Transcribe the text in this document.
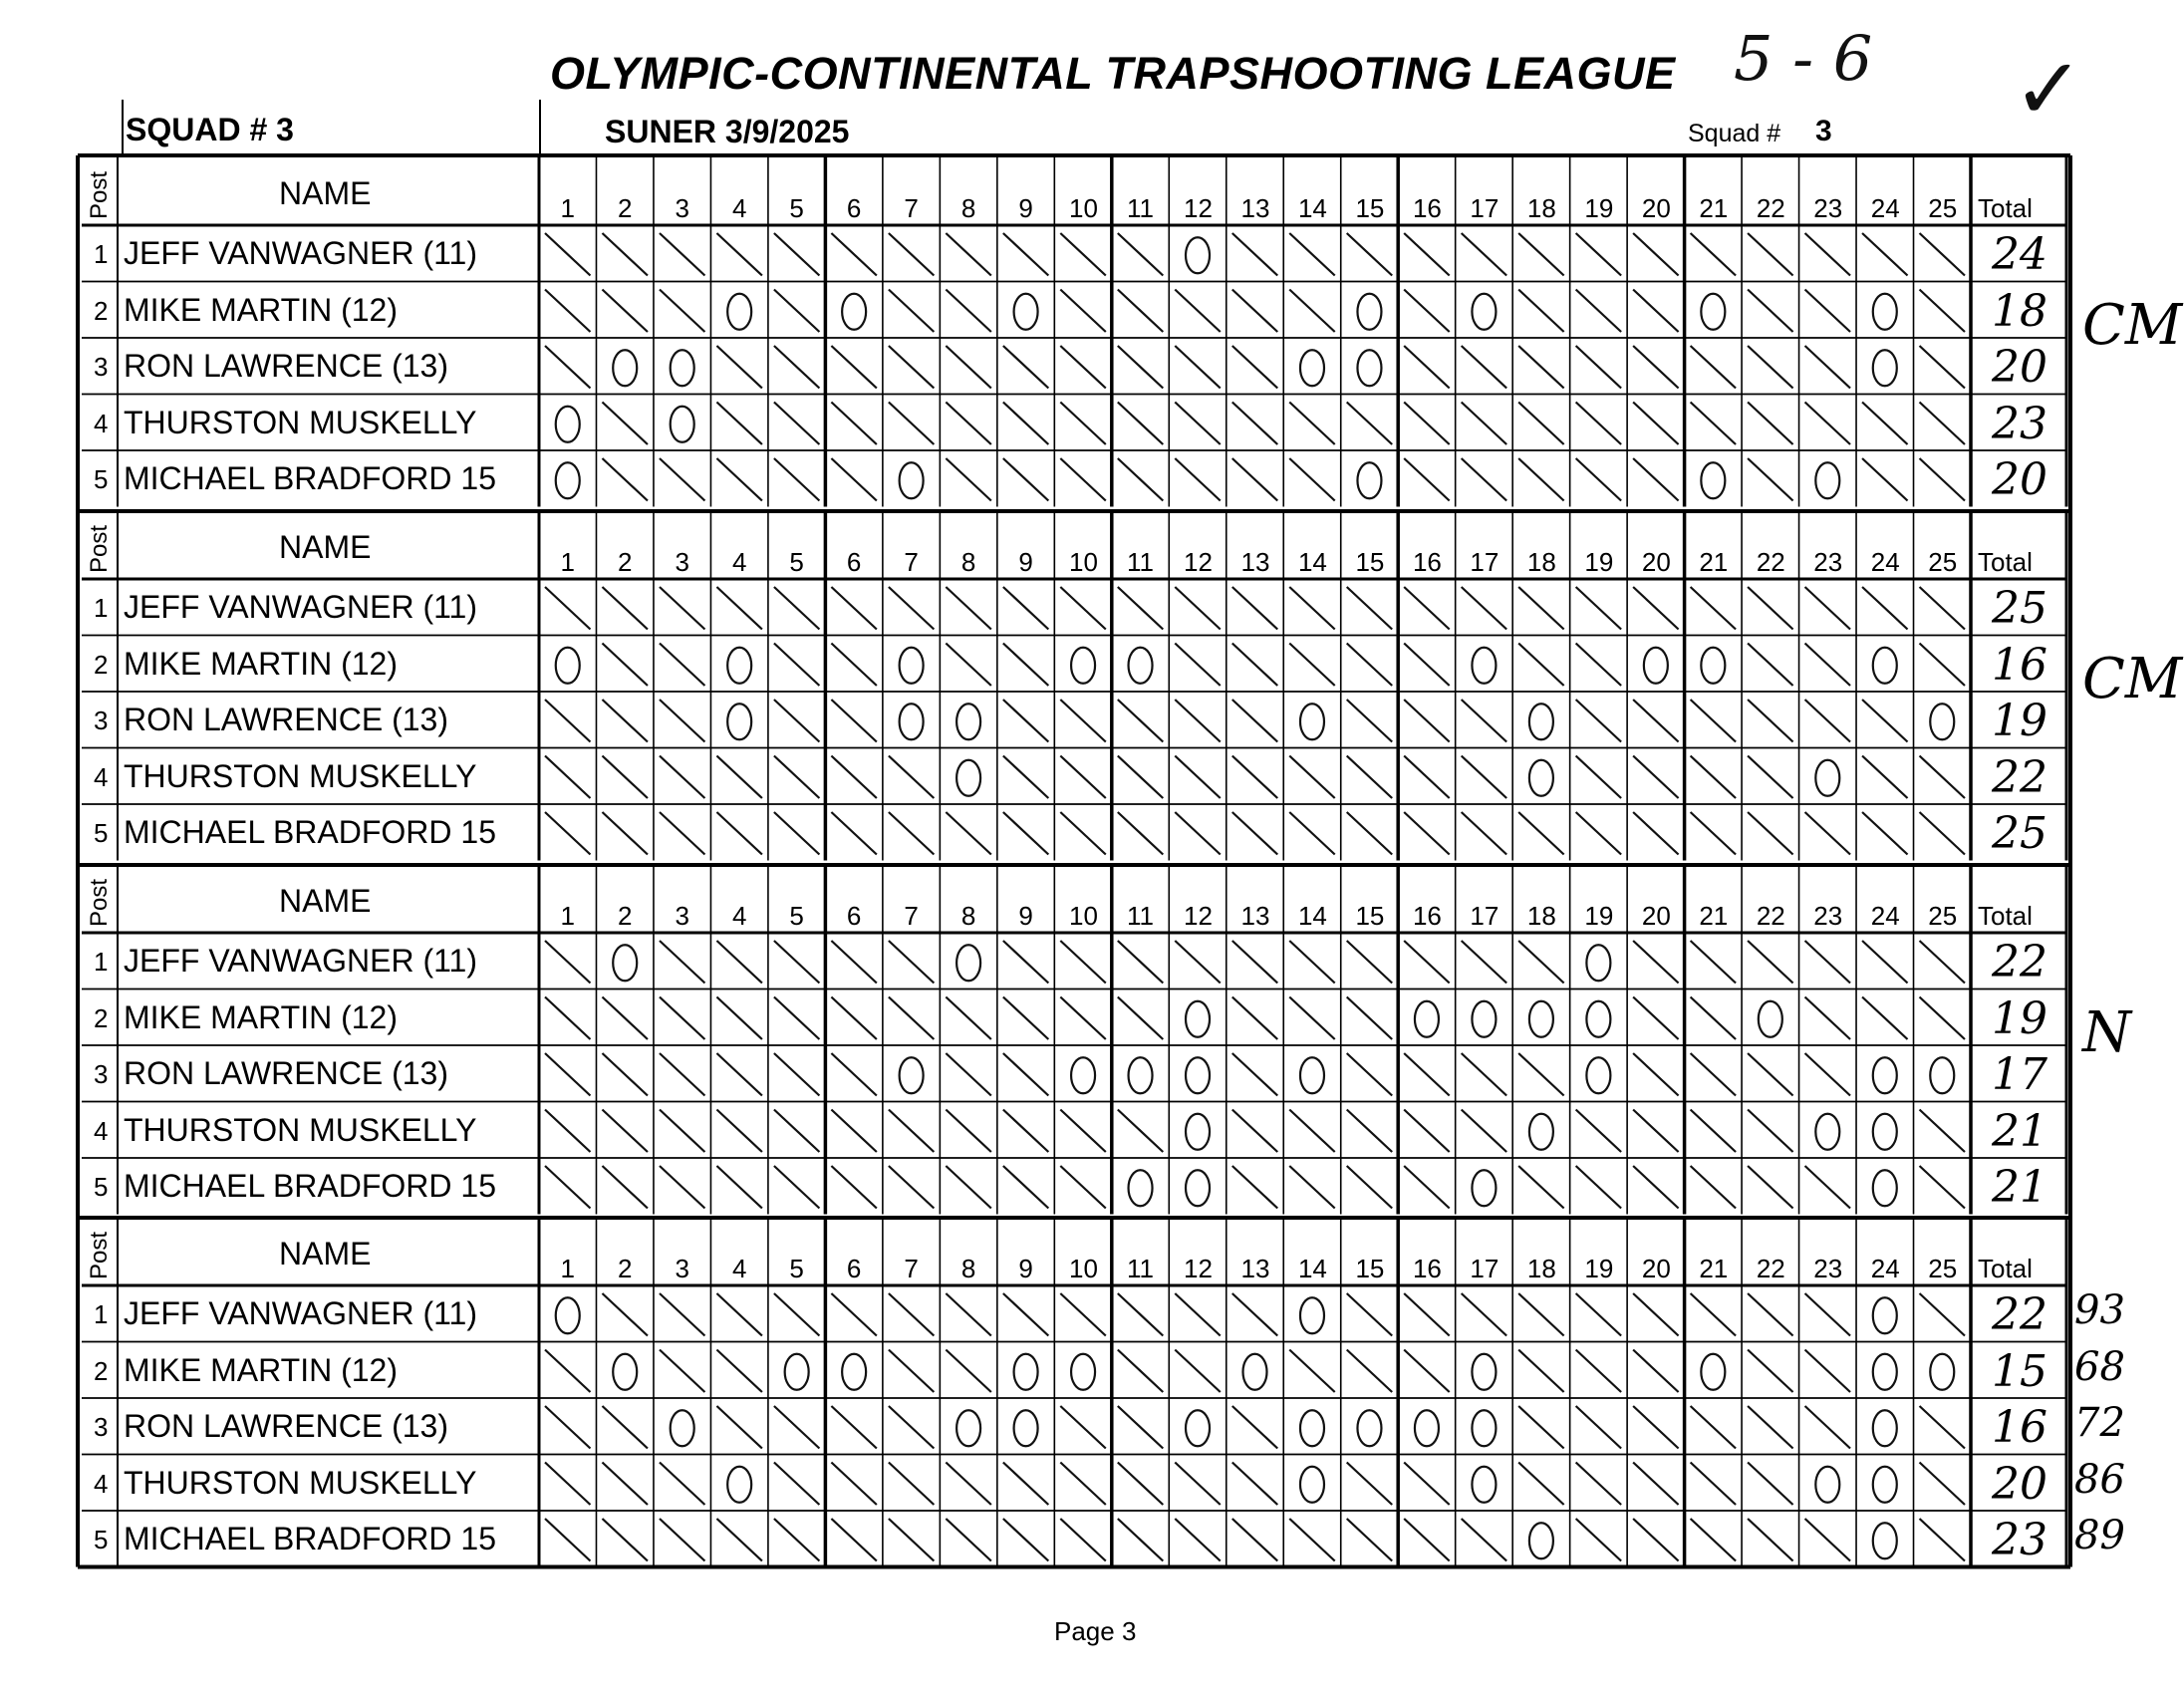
OLYMPIC-CONTINENTAL TRAPSHOOTING LEAGUE
SQUAD # 3	SUNER 3/9/2025	Squad # 3
5 - 6 ✓
Post	NAME	1 2 3 4 5 6 7 8 9 10 11 12 13 14 15 16 17 18 19 20 21 22 23 24 25 Total
1 JEFF VANWAGNER (11)	24
2 MIKE MARTIN (12)	18
3 RON LAWRENCE (13)	20
4 THURSTON MUSKELLY	23
5 MICHAEL BRADFORD 15	20
CM
Post	NAME	1 2 3 4 5 6 7 8 9 10 11 12 13 14 15 16 17 18 19 20 21 22 23 24 25 Total
1 JEFF VANWAGNER (11)	25
2 MIKE MARTIN (12)	16
3 RON LAWRENCE (13)	19
4 THURSTON MUSKELLY	22
5 MICHAEL BRADFORD 15	25
CM
Post	NAME	1 2 3 4 5 6 7 8 9 10 11 12 13 14 15 16 17 18 19 20 21 22 23 24 25 Total
1 JEFF VANWAGNER (11)	22
2 MIKE MARTIN (12)	19
3 RON LAWRENCE (13)	17
4 THURSTON MUSKELLY	21
5 MICHAEL BRADFORD 15	21
N
Post	NAME	1 2 3 4 5 6 7 8 9 10 11 12 13 14 15 16 17 18 19 20 21 22 23 24 25 Total
1 JEFF VANWAGNER (11)	22 93
2 MIKE MARTIN (12)	15 68
3 RON LAWRENCE (13)	16 72
4 THURSTON MUSKELLY	20 86
5 MICHAEL BRADFORD 15	23 89
Page 3
